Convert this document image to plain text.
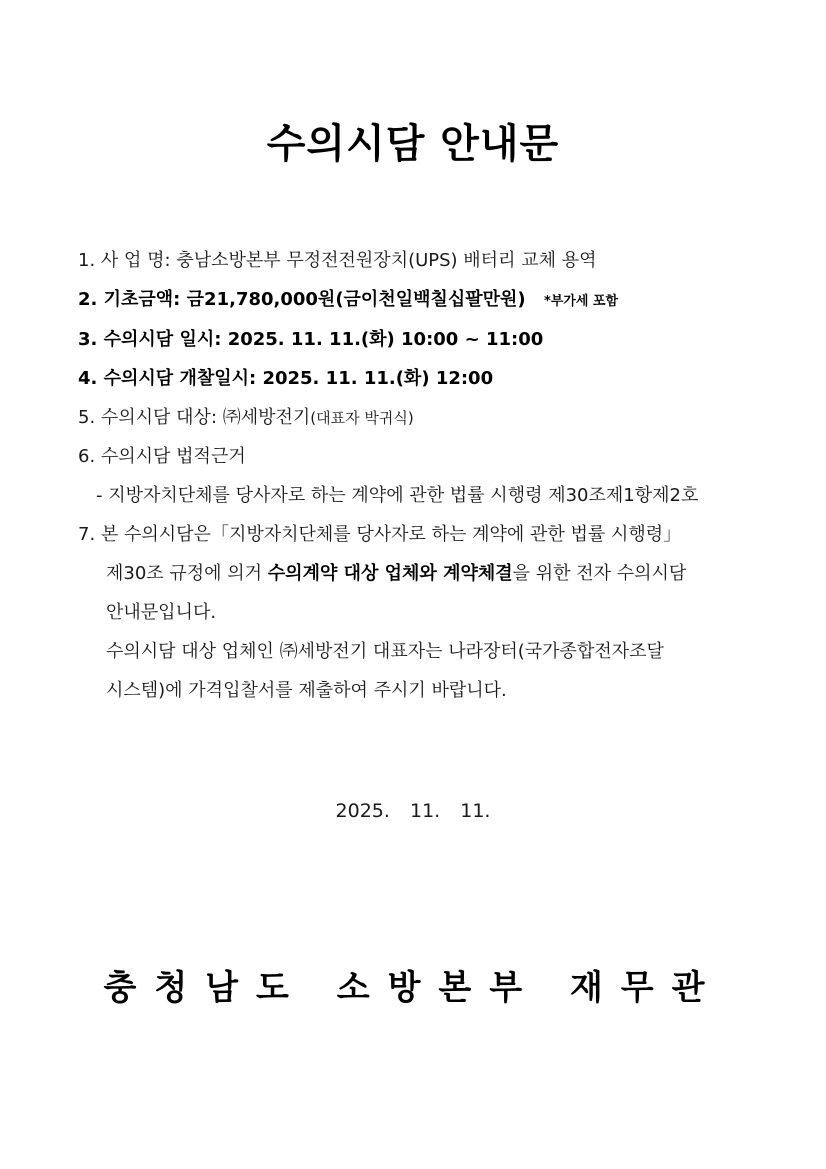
수의시담 안내문
1. 사 업 명: 충남소방본부 무정전전원장치(UPS) 배터리 교체 용역
2. 기초금액: 금21,780,000원(금이천일백칠십팔만원) *부가세 포함
3. 수의시담 일시: 2025. 11. 11.(화) 10:00 ~ 11:00
4. 수의시담 개찰일시: 2025. 11. 11.(화) 12:00
5. 수의시담 대상: ㈜세방전기(대표자 박귀식)
6. 수의시담 법적근거
- 지방자치단체를 당사자로 하는 계약에 관한 법률 시행령 제30조제1항제2호
7. 본 수의시담은「지방자치단체를 당사자로 하는 계약에 관한 법률 시행령」
제30조 규정에 의거 수의계약 대상 업체와 계약체결을 위한 전자 수의시담
안내문입니다.
수의시담 대상 업체인 ㈜세방전기 대표자는 나라장터(국가종합전자조달
시스템)에 가격입찰서를 제출하여 주시기 바랍니다.
2025. 11. 11.
충청남도 소방본부 재무관
